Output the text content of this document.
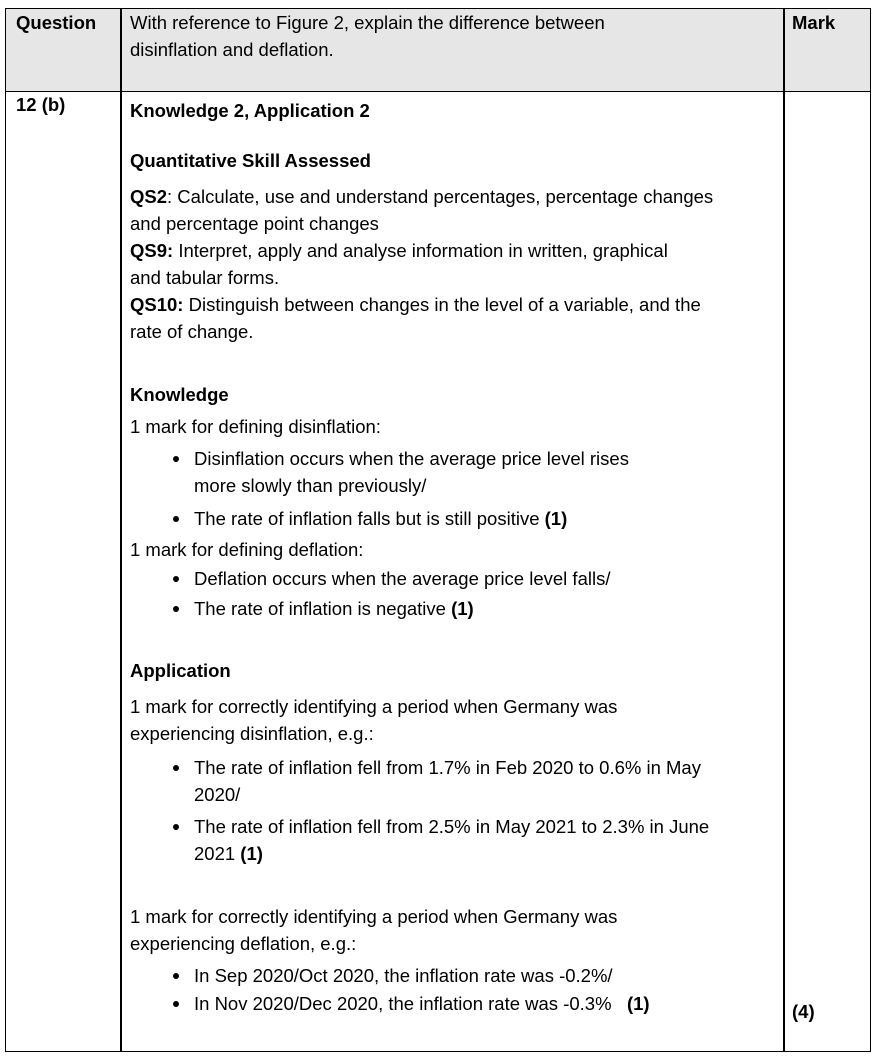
Question With reference to Figure 2, explain the difference between
disinflation and deflation.
Mark
12 (b)
(4)
Knowledge 2, Application 2
Quantitative Skill Assessed
QS2: Calculate, use and understand percentages, percentage changes
and percentage point changes
QS9: Interpret, apply and analyse information in written, graphical
and tabular forms.
QS10: Distinguish between changes in the level of a variable, and the
rate of change.
Knowledge
1 mark for defining disinflation:
Disinflation occurs when the average price level rises
more slowly than previously/
The rate of inflation falls but is still positive (1)
1 mark for defining deflation:
Deflation occurs when the average price level falls/
The rate of inflation is negative (1)
Application
1 mark for correctly identifying a period when Germany was
experiencing disinflation, e.g.:
The rate of inflation fell from 1.7% in Feb 2020 to 0.6% in May
2020/
The rate of inflation fell from 2.5% in May 2021 to 2.3% in June
2021 (1)
1 mark for correctly identifying a period when Germany was
experiencing deflation, e.g.:
In Sep 2020/Oct 2020, the inflation rate was -0.2%/
In Nov 2020/Dec 2020, the inflation rate was -0.3%   (1)
